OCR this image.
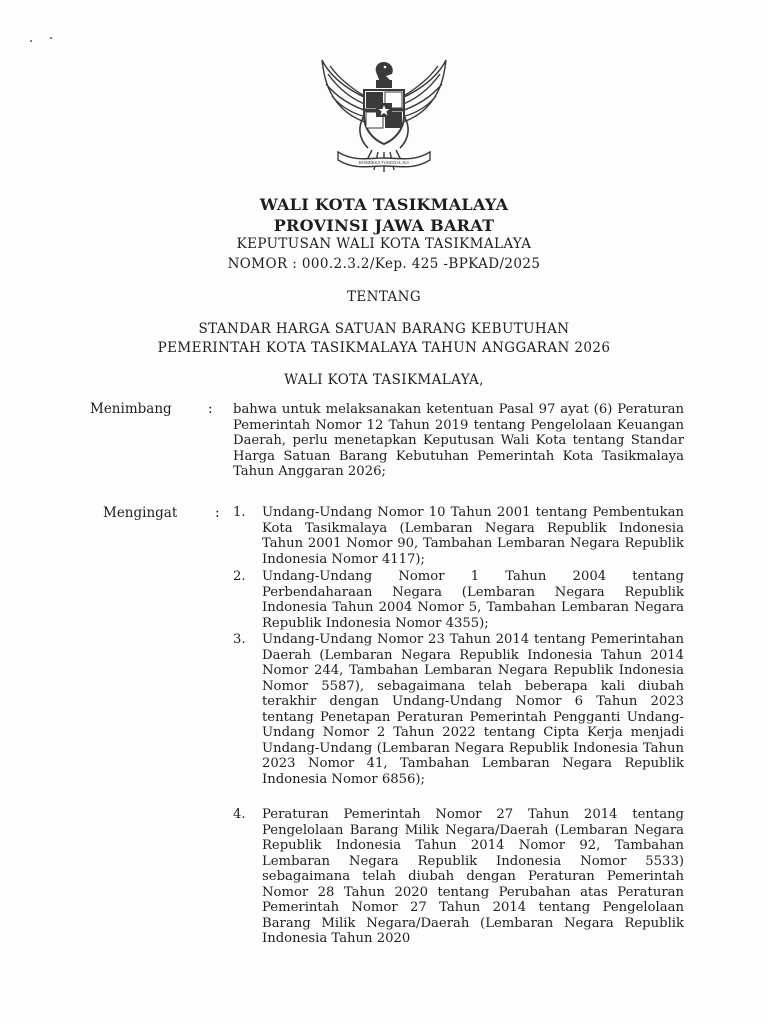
BHINNEKA TUNGGAL IKA
WALI KOTA TASIKMALAYA
PROVINSI JAWA BARAT
KEPUTUSAN WALI KOTA TASIKMALAYA
NOMOR : 000.2.3.2/Kep. 425 -BPKAD/2025
TENTANG
STANDAR HARGA SATUAN BARANG KEBUTUHAN
PEMERINTAH KOTA TASIKMALAYA TAHUN ANGGARAN 2026
WALI KOTA TASIKMALAYA,
Menimbang	: bahwa untuk melaksanakan ketentuan Pasal 97 ayat (6) Peraturan Pemerintah Nomor 12 Tahun 2019 tentang Pengelolaan Keuangan Daerah, perlu menetapkan Keputusan Wali Kota tentang Standar Harga Satuan Barang Kebutuhan Pemerintah Kota Tasikmalaya Tahun Anggaran 2026;
Mengingat	: 1.	Undang-Undang Nomor 10 Tahun 2001 tentang Pembentukan Kota Tasikmalaya (Lembaran Negara Republik Indonesia Tahun 2001 Nomor 90, Tambahan Lembaran Negara Republik Indonesia Nomor 4117);
2.	Undang-Undang Nomor 1 Tahun 2004 tentang Perbendaharaan Negara (Lembaran Negara Republik Indonesia Tahun 2004 Nomor 5, Tambahan Lembaran Negara Republik Indonesia Nomor 4355);
3.	Undang-Undang Nomor 23 Tahun 2014 tentang Pemerintahan Daerah (Lembaran Negara Republik Indonesia Tahun 2014 Nomor 244, Tambahan Lembaran Negara Republik Indonesia Nomor 5587), sebagaimana telah beberapa kali diubah terakhir dengan Undang-Undang Nomor 6 Tahun 2023 tentang Penetapan Peraturan Pemerintah Pengganti Undang-Undang Nomor 2 Tahun 2022 tentang Cipta Kerja menjadi Undang-Undang (Lembaran Negara Republik Indonesia Tahun 2023 Nomor 41, Tambahan Lembaran Negara Republik Indonesia Nomor 6856);
4.	Peraturan Pemerintah Nomor 27 Tahun 2014 tentang Pengelolaan Barang Milik Negara/Daerah (Lembaran Negara Republik Indonesia Tahun 2014 Nomor 92, Tambahan Lembaran Negara Republik Indonesia Nomor 5533) sebagaimana telah diubah dengan Peraturan Pemerintah Nomor 28 Tahun 2020 tentang Perubahan atas Peraturan Pemerintah Nomor 27 Tahun 2014 tentang Pengelolaan Barang Milik Negara/Daerah (Lembaran Negara Republik Indonesia Tahun 2020
